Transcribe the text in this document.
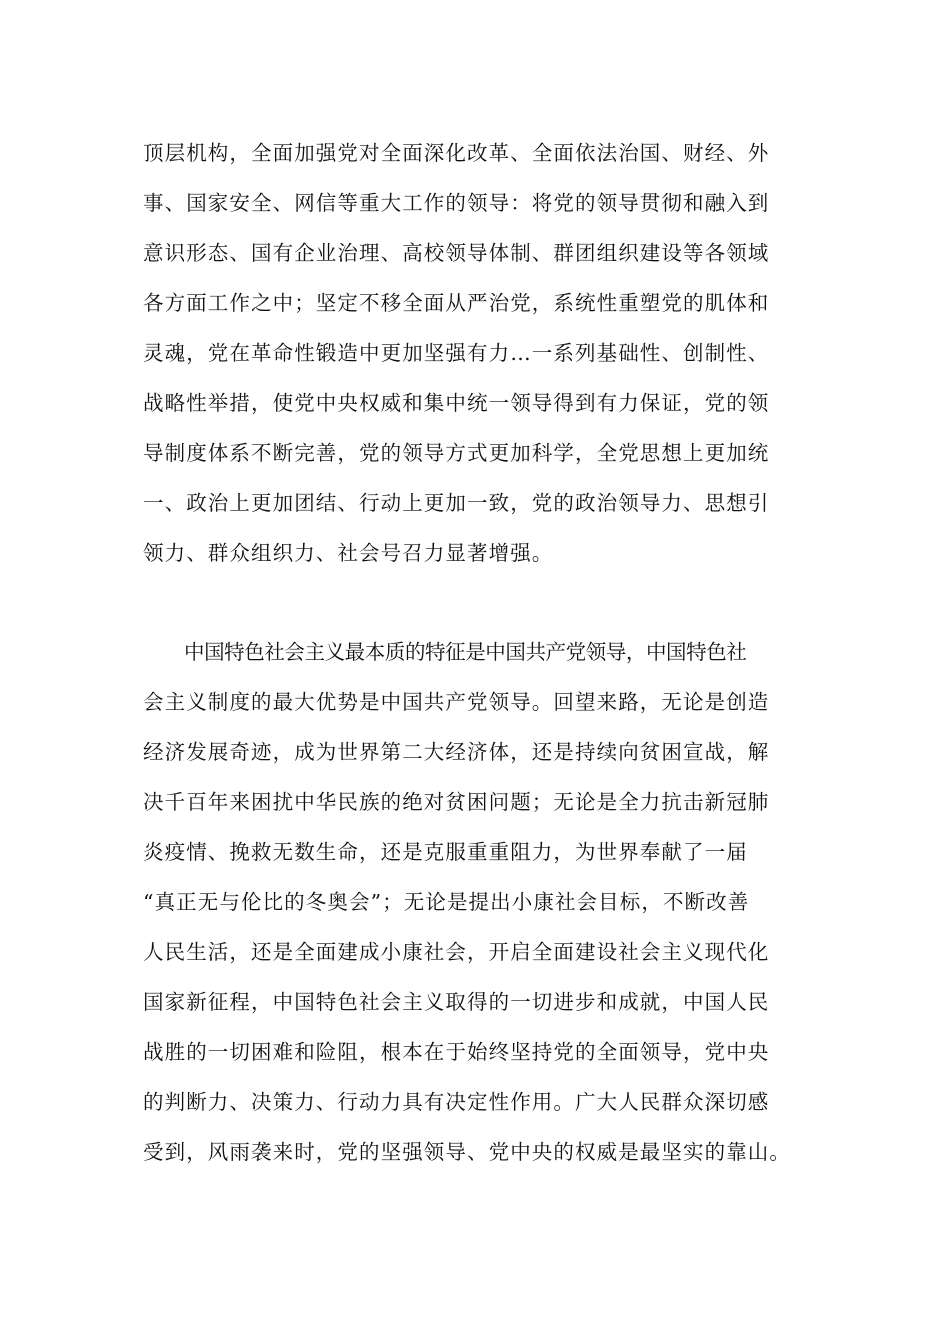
顶层机构，全面加强党对全面深化改革、全面依法治国、财经、外
事、国家安全、网信等重大工作的领导：将党的领导贯彻和融入到
意识形态、国有企业治理、高校领导体制、群团组织建设等各领域
各方面工作之中；坚定不移全面从严治党，系统性重塑党的肌体和
灵魂，党在革命性锻造中更加坚强有力…一系列基础性、创制性、
战略性举措，使党中央权威和集中统一领导得到有力保证，党的领
导制度体系不断完善，党的领导方式更加科学，全党思想上更加统
一、政治上更加团结、行动上更加一致，党的政治领导力、思想引
领力、群众组织力、社会号召力显著增强。
中国特色社会主义最本质的特征是中国共产党领导，中国特色社
会主义制度的最大优势是中国共产党领导。回望来路，无论是创造
经济发展奇迹，成为世界第二大经济体，还是持续向贫困宣战，解
决千百年来困扰中华民族的绝对贫困问题；无论是全力抗击新冠肺
炎疫情、挽救无数生命，还是克服重重阻力，为世界奉献了一届
“真正无与伦比的冬奥会”；无论是提出小康社会目标，不断改善
人民生活，还是全面建成小康社会，开启全面建设社会主义现代化
国家新征程，中国特色社会主义取得的一切进步和成就，中国人民
战胜的一切困难和险阻，根本在于始终坚持党的全面领导，党中央
的判断力、决策力、行动力具有决定性作用。广大人民群众深切感
受到，风雨袭来时，党的坚强领导、党中央的权威是最坚实的靠山。
